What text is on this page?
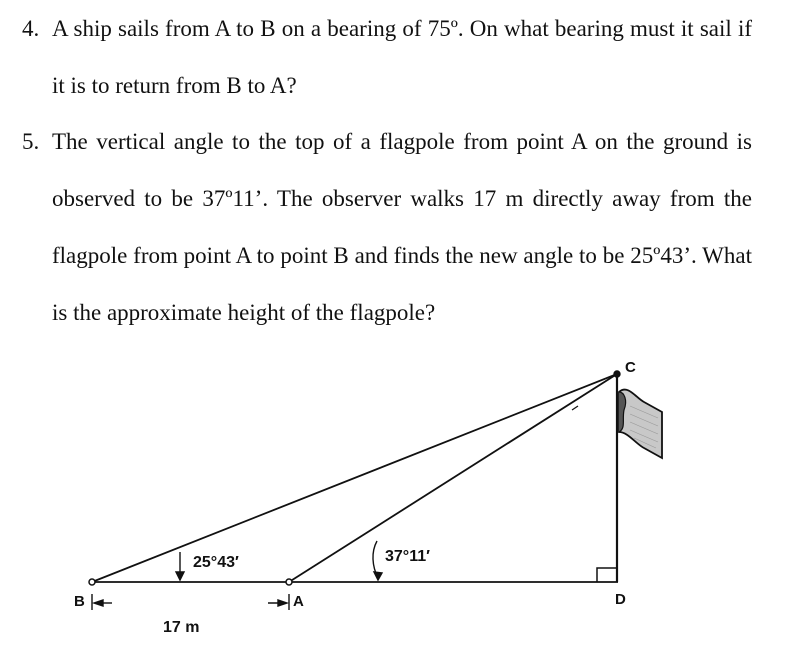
4. A ship sails from A to B on a bearing of 75º. On what bearing must it sail if it is to return from B to A?
5. The vertical angle to the top of a flagpole from point A on the ground is observed to be 37º11’. The observer walks 17 m directly away from the flagpole from point A to point B and finds the new angle to be 25º43’. What is the approximate height of the flagpole?
B	A
C
D
25°43′	37°11′
17 m
